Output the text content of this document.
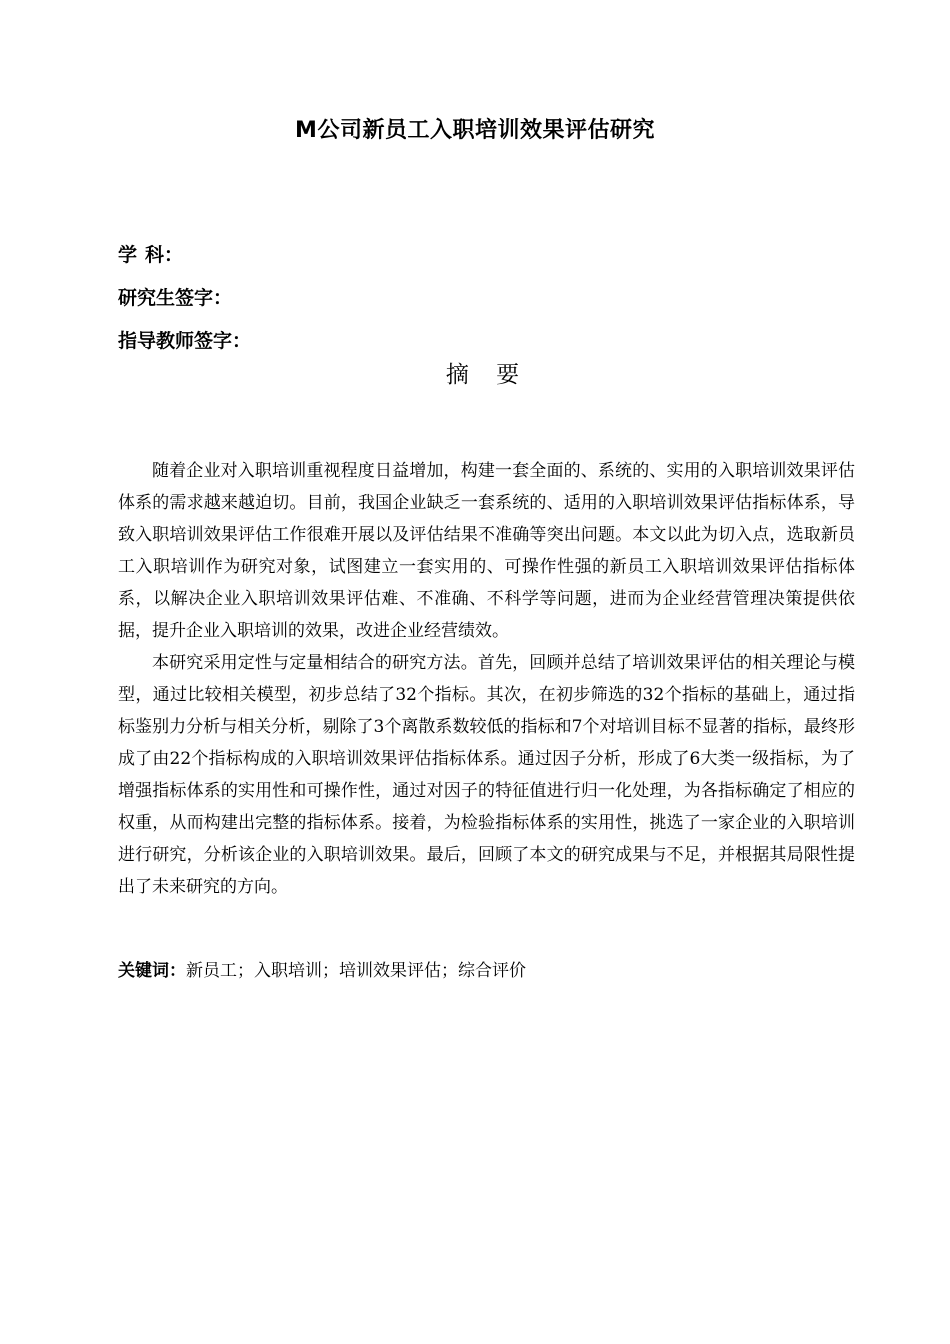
M公司新员工入职培训效果评估研究
学科：
研究生签字：
指导教师签字：
摘 要

随着企业对入职培训重视程度日益增加，构建一套全面的、系统的、实用的入职培训效果评估体系的需求越来越迫切。目前，我国企业缺乏一套系统的、适用的入职培训效果评估指标体系，导致入职培训效果评估工作很难开展以及评估结果不准确等突出问题。本文以此为切入点，选取新员工入职培训作为研究对象，试图建立一套实用的、可操作性强的新员工入职培训效果评估指标体系，以解决企业入职培训效果评估难、不准确、不科学等问题，进而为企业经营管理决策提供依据，提升企业入职培训的效果，改进企业经营绩效。

本研究采用定性与定量相结合的研究方法。首先，回顾并总结了培训效果评估的相关理论与模型，通过比较相关模型，初步总结了32个指标。其次，在初步筛选的32个指标的基础上，通过指标鉴别力分析与相关分析，剔除了3个离散系数较低的指标和7个对培训目标不显著的指标，最终形成了由22个指标构成的入职培训效果评估指标体系。通过因子分析，形成了6大类一级指标，为了增强指标体系的实用性和可操作性，通过对因子的特征值进行归一化处理，为各指标确定了相应的权重，从而构建出完整的指标体系。接着，为检验指标体系的实用性，挑选了一家企业的入职培训进行研究，分析该企业的入职培训效果。最后，回顾了本文的研究成果与不足，并根据其局限性提出了未来研究的方向。

关键词：新员工；入职培训；培训效果评估；综合评价
